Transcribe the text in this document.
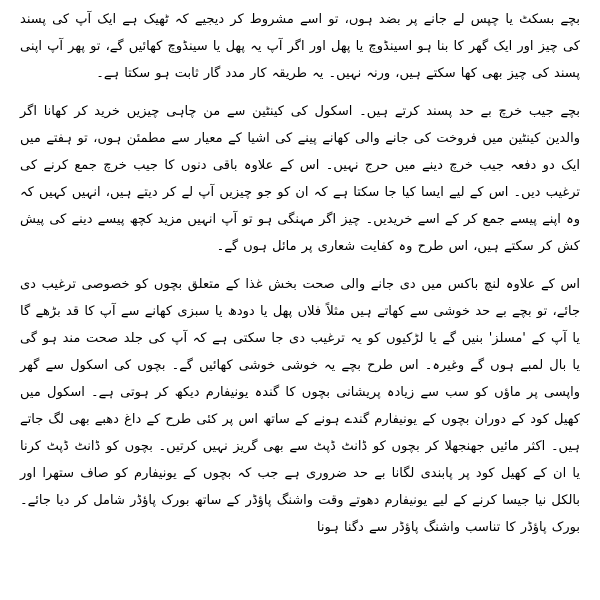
بچے بسکٹ یا چپس لے جانے پر بضد ہوں، تو اسے مشروط کر دیجیے کہ ٹھیک ہے ایک آپ کی پسند کی چیز اور ایک گھر کا بنا ہو اسینڈوچ یا پھل اور اگر آپ یہ پھل یا سینڈوچ کھائیں گے، تو پھر آپ اپنی پسند کی چیز بھی کھا سکتے ہیں، ورنہ نہیں۔ یہ طریقہ کار مدد گار ثابت ہو سکتا ہے۔

بچے جیب خرچ بے حد پسند کرتے ہیں۔ اسکول کی کینٹین سے من چاہی چیزیں خرید کر کھانا اگر والدین کینٹین میں فروخت کی جانے والی کھانے پینے کی اشیا کے معیار سے مطمئن ہوں، تو ہفتے میں ایک دو دفعہ جیب خرچ دینے میں حرج نہیں۔ اس کے علاوہ باقی دنوں کا جیب خرچ جمع کرنے کی ترغیب دیں۔ اس کے لیے ایسا کیا جا سکتا ہے کہ ان کو جو چیزیں آپ لے کر دیتے ہیں، انہیں کہیں کہ وہ اپنے پیسے جمع کر کے اسے خریدیں۔ چیز اگر مہنگی ہو تو آپ انہیں مزید کچھ پیسے دینے کی پیش کش کر سکتے ہیں، اس طرح وہ کفایت شعاری پر مائل ہوں گے۔

اس کے علاوہ لنچ باکس میں دی جانے والی صحت بخش غذا کے متعلق بچوں کو خصوصی ترغیب دی جائے، تو بچے بے حد خوشی سے کھاتے ہیں مثلاً فلاں پھل یا دودھ یا سبزی کھانے سے آپ کا قد بڑھے گا یا آپ کے 'مسلز' بنیں گے یا لڑکیوں کو یہ ترغیب دی جا سکتی ہے کہ آپ کی جلد صحت مند ہو گی یا بال لمبے ہوں گے وغیرہ۔ اس طرح بچے یہ خوشی خوشی کھائیں گے۔ بچوں کی اسکول سے گھر واپسی پر ماؤں کو سب سے زیادہ پریشانی بچوں کا گندہ یونیفارم دیکھ کر ہوتی ہے۔ اسکول میں کھیل کود کے دوران بچوں کے یونیفارم گندے ہونے کے ساتھ اس پر کئی طرح کے داغ دھبے بھی لگ جاتے ہیں۔ اکثر مائیں جھنجھلا کر بچوں کو ڈانٹ ڈپٹ سے بھی گریز نہیں کرتیں۔ بچوں کو ڈانٹ ڈپٹ کرنا یا ان کے کھیل کود پر پابندی لگانا بے حد ضروری ہے جب کہ بچوں کے یونیفارم کو صاف ستھرا اور بالکل نیا جیسا کرنے کے لیے یونیفارم دھوتے وقت واشنگ پاؤڈر کے ساتھ بورک پاؤڈر شامل کر دیا جائے۔ بورک پاؤڈر کا تناسب واشنگ پاؤڈر سے دگنا ہونا
